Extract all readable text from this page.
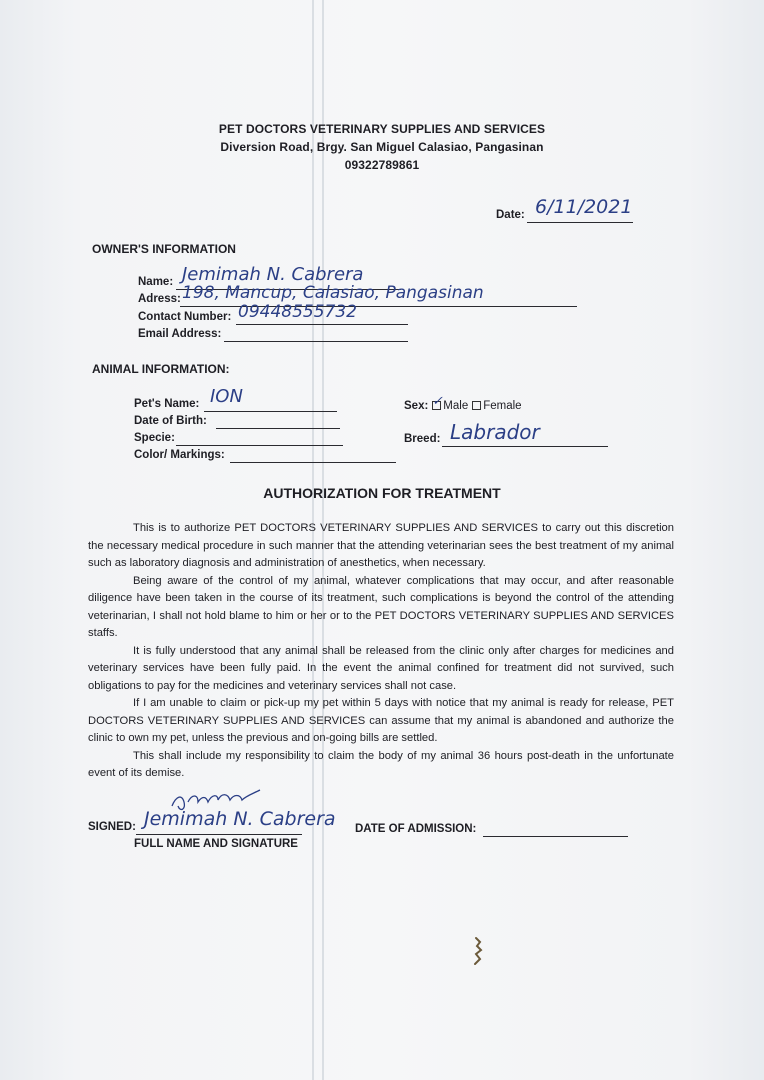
PET DOCTORS VETERINARY SUPPLIES AND SERVICES
Diversion Road, Brgy. San Miguel Calasiao, Pangasinan
09322789861
Date: 6/11/2021
OWNER'S INFORMATION
Name: Jemimah N. Cabrera
Adress: 198, Mancup, Calasiao, Pangasinan
Contact Number: 09448555732
Email Address:
ANIMAL INFORMATION:
Pet's Name: ION
Date of Birth:
Specie:
Color/ Markings:
Sex: Male Female
✓
Breed: Labrador
AUTHORIZATION FOR TREATMENT

This is to authorize PET DOCTORS VETERINARY SUPPLIES AND SERVICES to carry out this discretion the necessary medical procedure in such manner that the attending veterinarian sees the best treatment of my animal such as laboratory diagnosis and administration of anesthetics, when necessary.

Being aware of the control of my animal, whatever complications that may occur, and after reasonable diligence have been taken in the course of its treatment, such complications is beyond the control of the attending veterinarian, I shall not hold blame to him or her or to the PET DOCTORS VETERINARY SUPPLIES AND SERVICES staffs.

It is fully understood that any animal shall be released from the clinic only after charges for medicines and veterinary services have been fully paid. In the event the animal confined for treatment did not survived, such obligations to pay for the medicines and veterinary services shall not case.

If I am unable to claim or pick-up my pet within 5 days with notice that my animal is ready for release, PET DOCTORS VETERINARY SUPPLIES AND SERVICES can assume that my animal is abandoned and authorize the clinic to own my pet, unless the previous and on-going bills are settled.

This shall include my responsibility to claim the body of my animal 36 hours post-death in the unfortunate event of its demise.

SIGNED: Jemimah N. Cabrera
FULL NAME AND SIGNATURE
DATE OF ADMISSION:
